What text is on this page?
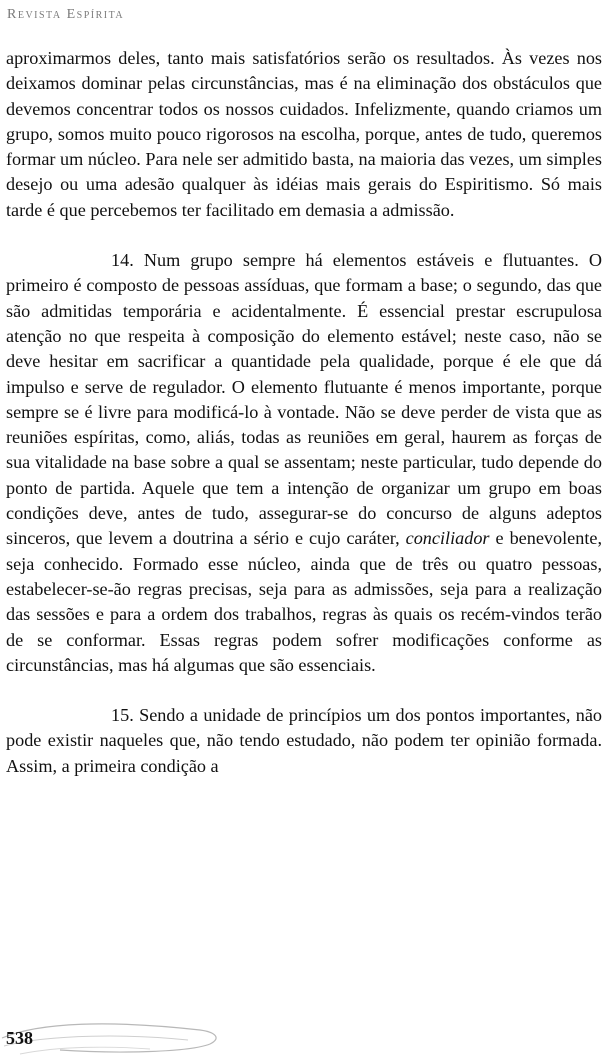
Revista Espírita

aproximarmos deles, tanto mais satisfatórios serão os resultados. Às vezes nos deixamos dominar pelas circunstâncias, mas é na eliminação dos obstáculos que devemos concentrar todos os nossos cuidados. Infelizmente, quando criamos um grupo, somos muito pouco rigorosos na escolha, porque, antes de tudo, queremos formar um núcleo. Para nele ser admitido basta, na maioria das vezes, um simples desejo ou uma adesão qualquer às idéias mais gerais do Espiritismo. Só mais tarde é que percebemos ter facilitado em demasia a admissão.

14. Num grupo sempre há elementos estáveis e flutuantes. O primeiro é composto de pessoas assíduas, que formam a base; o segundo, das que são admitidas temporária e acidentalmente. É essencial prestar escrupulosa atenção no que respeita à composição do elemento estável; neste caso, não se deve hesitar em sacrificar a quantidade pela qualidade, porque é ele que dá impulso e serve de regulador. O elemento flutuante é menos importante, porque sempre se é livre para modificá-lo à vontade. Não se deve perder de vista que as reuniões espíritas, como, aliás, todas as reuniões em geral, haurem as forças de sua vitalidade na base sobre a qual se assentam; neste particular, tudo depende do ponto de partida. Aquele que tem a intenção de organizar um grupo em boas condições deve, antes de tudo, assegurar-se do concurso de alguns adeptos sinceros, que levem a doutrina a sério e cujo caráter, conciliador e benevolente, seja conhecido. Formado esse núcleo, ainda que de três ou quatro pessoas, estabelecer-se-ão regras precisas, seja para as admissões, seja para a realização das sessões e para a ordem dos trabalhos, regras às quais os recém-vindos terão de se conformar. Essas regras podem sofrer modificações conforme as circunstâncias, mas há algumas que são essenciais.

15. Sendo a unidade de princípios um dos pontos importantes, não pode existir naqueles que, não tendo estudado, não podem ter opinião formada. Assim, a primeira condição a

538
